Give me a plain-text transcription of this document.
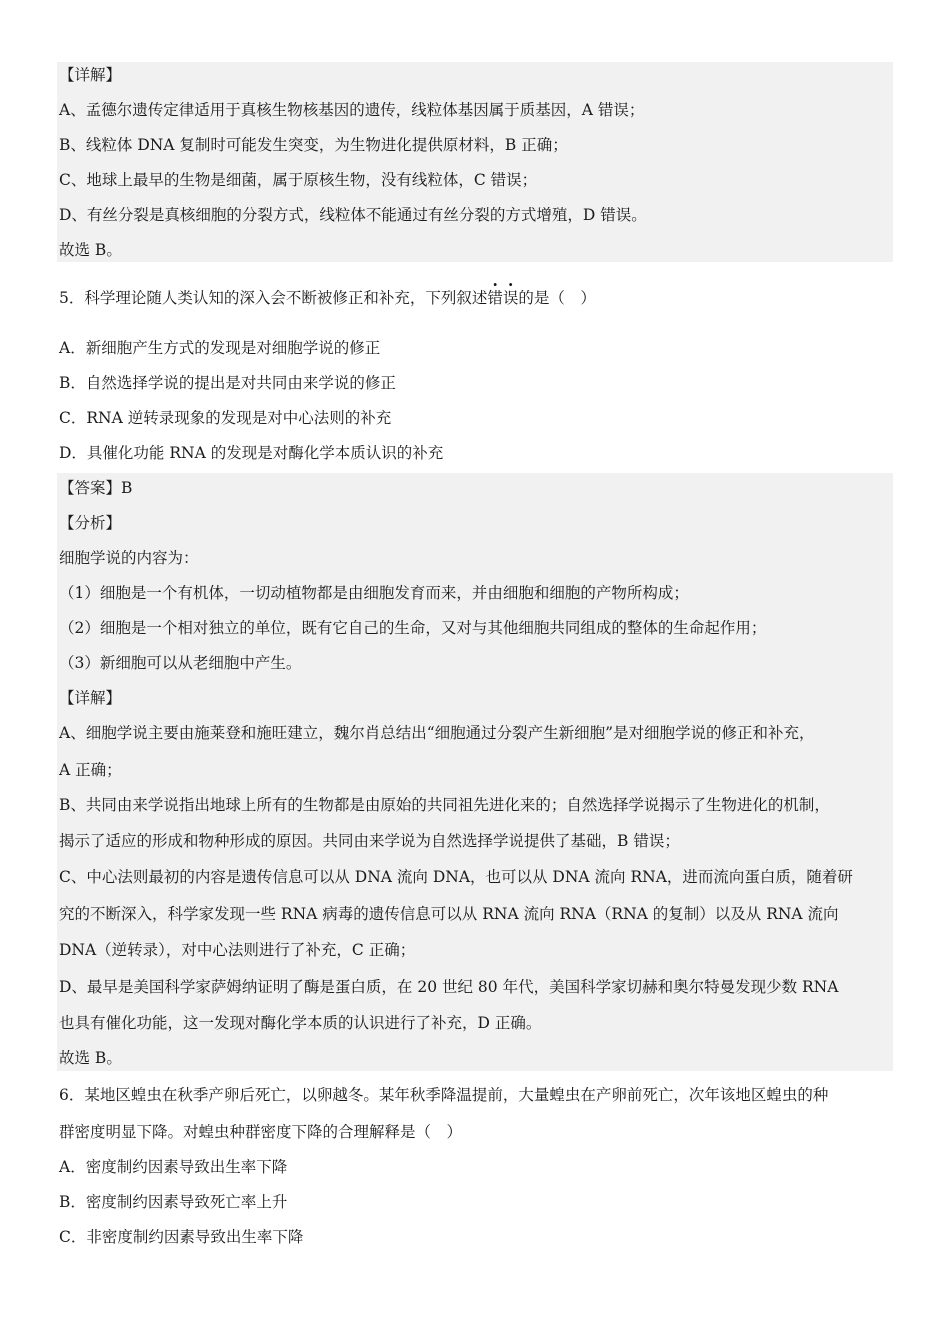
【详解】
A、孟德尔遗传定律适用于真核生物核基因的遗传，线粒体基因属于质基因，A 错误；
B、线粒体 DNA 复制时可能发生突变，为生物进化提供原材料，B 正确；
C、地球上最早的生物是细菌，属于原核生物，没有线粒体，C 错误；
D、有丝分裂是真核细胞的分裂方式，线粒体不能通过有丝分裂的方式增殖，D 错误。
故选 B。
5．科学理论随人类认知的深入会不断被修正和补充，下列叙述错误的是（　）
A．新细胞产生方式的发现是对细胞学说的修正
B．自然选择学说的提出是对共同由来学说的修正
C．RNA 逆转录现象的发现是对中心法则的补充
D．具催化功能 RNA 的发现是对酶化学本质认识的补充
【答案】B
【分析】
细胞学说的内容为：
（1）细胞是一个有机体，一切动植物都是由细胞发育而来，并由细胞和细胞的产物所构成；
（2）细胞是一个相对独立的单位，既有它自己的生命，又对与其他细胞共同组成的整体的生命起作用；
（3）新细胞可以从老细胞中产生。
【详解】
A、细胞学说主要由施莱登和施旺建立，魏尔肖总结出“细胞通过分裂产生新细胞”是对细胞学说的修正和补充，
A 正确；
B、共同由来学说指出地球上所有的生物都是由原始的共同祖先进化来的；自然选择学说揭示了生物进化的机制，
揭示了适应的形成和物种形成的原因。共同由来学说为自然选择学说提供了基础，B 错误；
C、中心法则最初的内容是遗传信息可以从 DNA 流向 DNA，也可以从 DNA 流向 RNA，进而流向蛋白质，随着研
究的不断深入，科学家发现一些 RNA 病毒的遗传信息可以从 RNA 流向 RNA（RNA 的复制）以及从 RNA 流向
DNA（逆转录），对中心法则进行了补充，C 正确；
D、最早是美国科学家萨姆纳证明了酶是蛋白质，在 20 世纪 80 年代，美国科学家切赫和奥尔特曼发现少数 RNA
也具有催化功能，这一发现对酶化学本质的认识进行了补充，D 正确。
故选 B。
6．某地区蝗虫在秋季产卵后死亡，以卵越冬。某年秋季降温提前，大量蝗虫在产卵前死亡，次年该地区蝗虫的种
群密度明显下降。对蝗虫种群密度下降的合理解释是（　）
A．密度制约因素导致出生率下降
B．密度制约因素导致死亡率上升
C．非密度制约因素导致出生率下降
